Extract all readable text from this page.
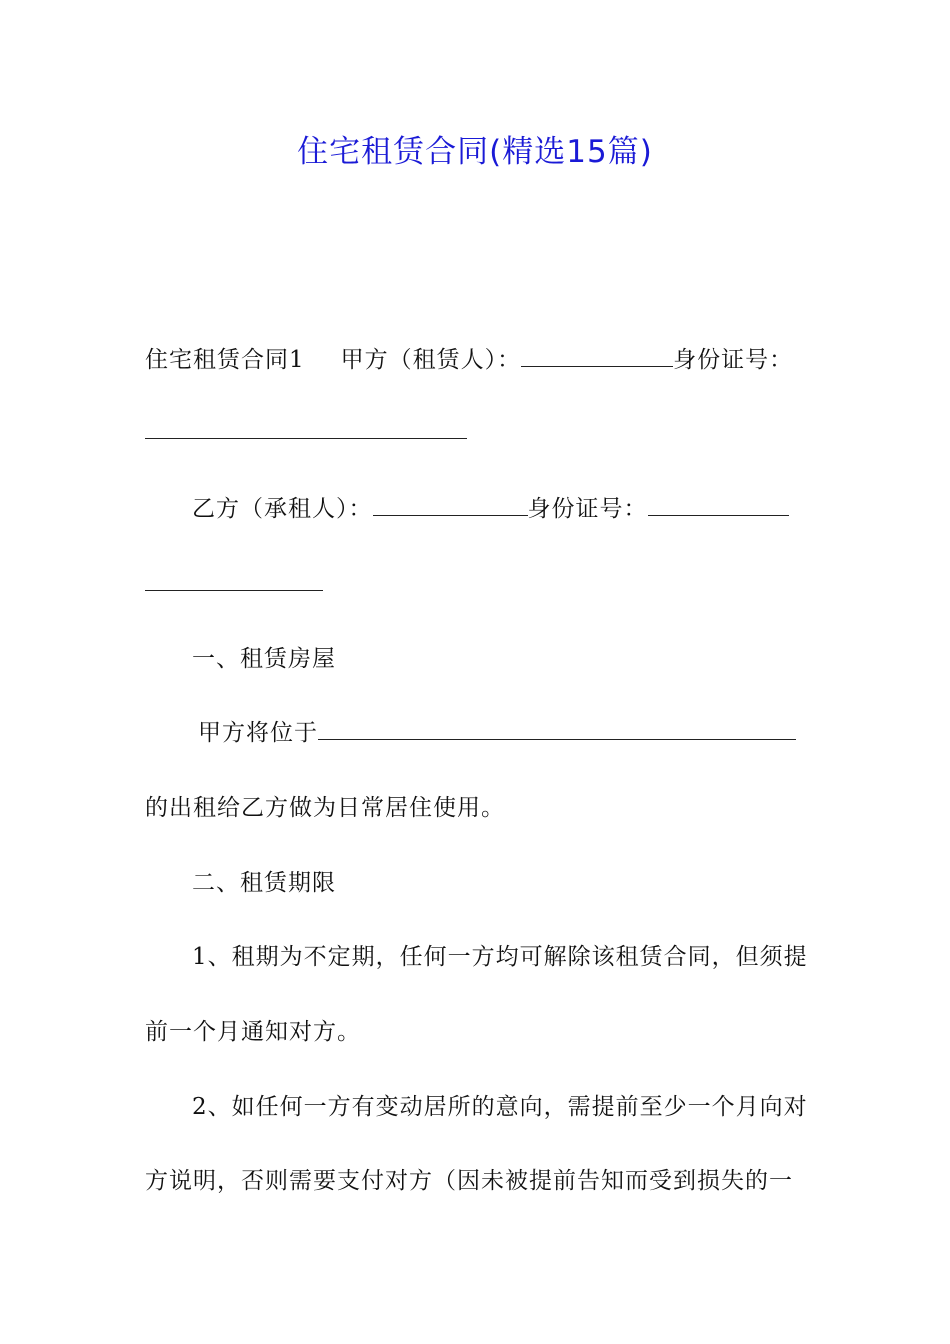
住宅租赁合同(精选15篇)
住宅租赁合同1 甲方（租赁人）：	身份证号：
乙方（承租人）：	身份证号：
一、租赁房屋
甲方将位于
的出租给乙方做为日常居住使用。
二、租赁期限
1、租期为不定期，任何一方均可解除该租赁合同，但须提
前一个月通知对方。
2、如任何一方有变动居所的意向，需提前至少一个月向对
方说明，否则需要支付对方（因未被提前告知而受到损失的一
